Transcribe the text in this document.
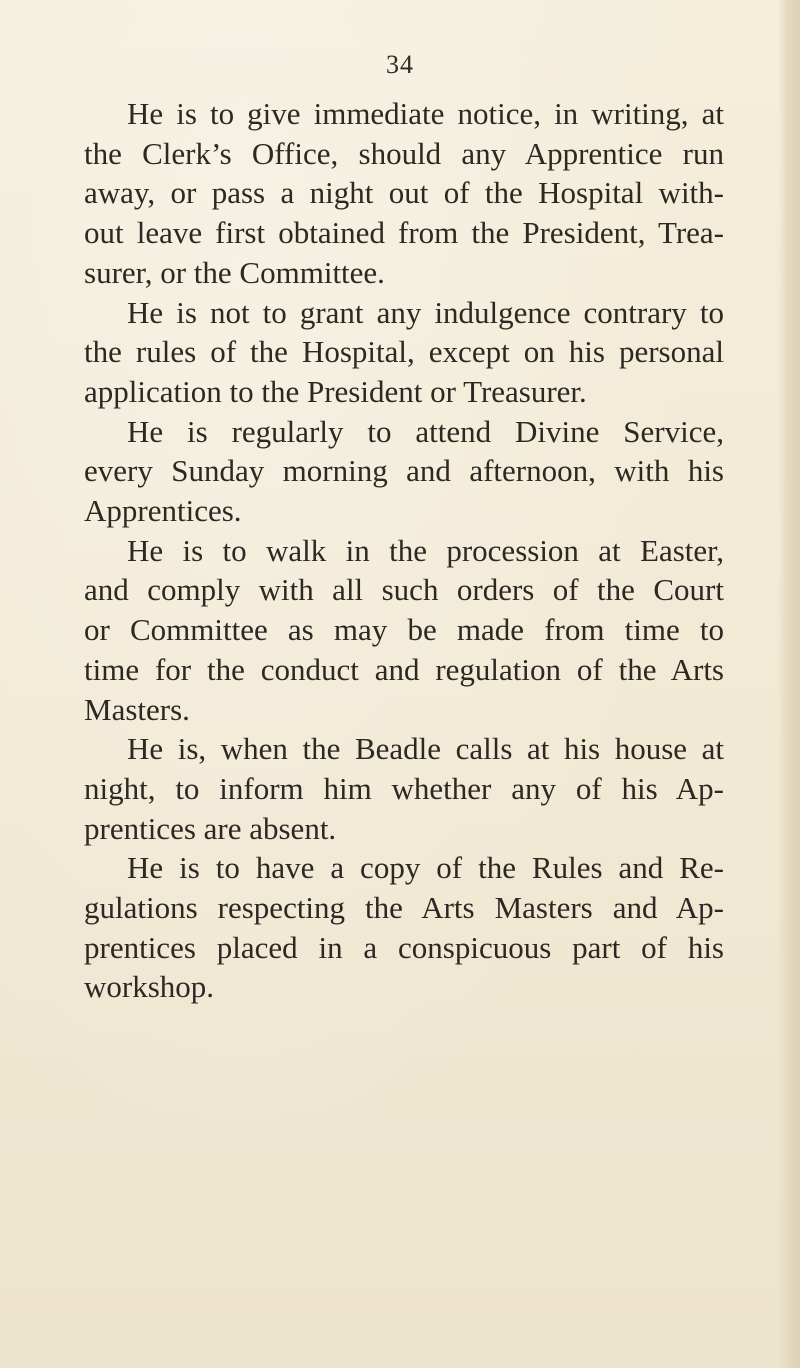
34

He is to give immediate notice, in writing, at
the Clerk’s Office, should any Apprentice run
away, or pass a night out of the Hospital with-
out leave first obtained from the President, Trea-
surer, or the Committee.

He is not to grant any indulgence contrary to
the rules of the Hospital, except on his personal
application to the President or Treasurer.

He is regularly to attend Divine Service,
every Sunday morning and afternoon, with his
Apprentices.

He is to walk in the procession at Easter,
and comply with all such orders of the Court
or Committee as may be made from time to
time for the conduct and regulation of the Arts
Masters.

He is, when the Beadle calls at his house at
night, to inform him whether any of his Ap-
prentices are absent.

He is to have a copy of the Rules and Re-
gulations respecting the Arts Masters and Ap-
prentices placed in a conspicuous part of his
workshop.
